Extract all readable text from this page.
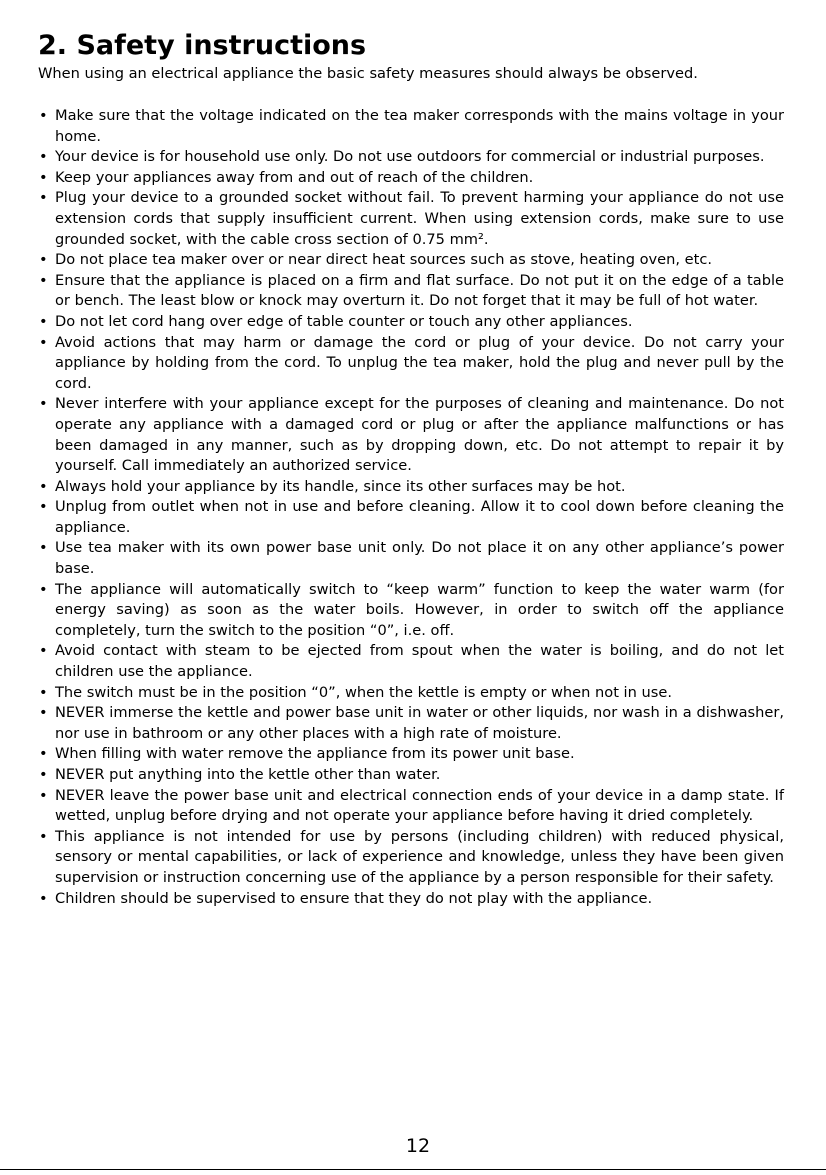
2. Safety instructions

When using an electrical appliance the basic safety measures should always be observed.

• Make sure that the voltage indicated on the tea maker corresponds with the mains voltage in your home.
• Your device is for household use only. Do not use outdoors for commercial or industrial purposes.
• Keep your appliances away from and out of reach of the children.
• Plug your device to a grounded socket without fail. To prevent harming your appliance do not use extension cords that supply insufficient current. When using extension cords, make sure to use grounded socket, with the cable cross section of 0.75 mm².
• Do not place tea maker over or near direct heat sources such as stove, heating oven, etc.
• Ensure that the appliance is placed on a firm and flat surface. Do not put it on the edge of a table or bench. The least blow or knock may overturn it. Do not forget that it may be full of hot water.
• Do not let cord hang over edge of table counter or touch any other appliances.
• Avoid actions that may harm or damage the cord or plug of your device. Do not carry your appliance by holding from the cord. To unplug the tea maker, hold the plug and never pull by the cord.
• Never interfere with your appliance except for the purposes of cleaning and maintenance. Do not operate any appliance with a damaged cord or plug or after the appliance malfunctions or has been damaged in any manner, such as by dropping down, etc. Do not attempt to repair it by yourself. Call immediately an authorized service.
• Always hold your appliance by its handle, since its other surfaces may be hot.
• Unplug from outlet when not in use and before cleaning. Allow it to cool down before cleaning the appliance.
• Use tea maker with its own power base unit only. Do not place it on any other appliance’s power base.
• The appliance will automatically switch to “keep warm” function to keep the water warm (for energy saving) as soon as the water boils. However, in order to switch off the appliance completely, turn the switch to the position “0”, i.e. off.
• Avoid contact with steam to be ejected from spout when the water is boiling, and do not let children use the appliance.
• The switch must be in the position “0”, when the kettle is empty or when not in use.
• NEVER immerse the kettle and power base unit in water or other liquids, nor wash in a dishwasher, nor use in bathroom or any other places with a high rate of moisture.
• When filling with water remove the appliance from its power unit base.
• NEVER put anything into the kettle other than water.
• NEVER leave the power base unit and electrical connection ends of your device in a damp state. If wetted, unplug before drying and not operate your appliance before having it dried completely.
• This appliance is not intended for use by persons (including children) with reduced physical, sensory or mental capabilities, or lack of experience and knowledge, unless they have been given supervision or instruction concerning use of the appliance by a person responsible for their safety.
• Children should be supervised to ensure that they do not play with the appliance.
12
